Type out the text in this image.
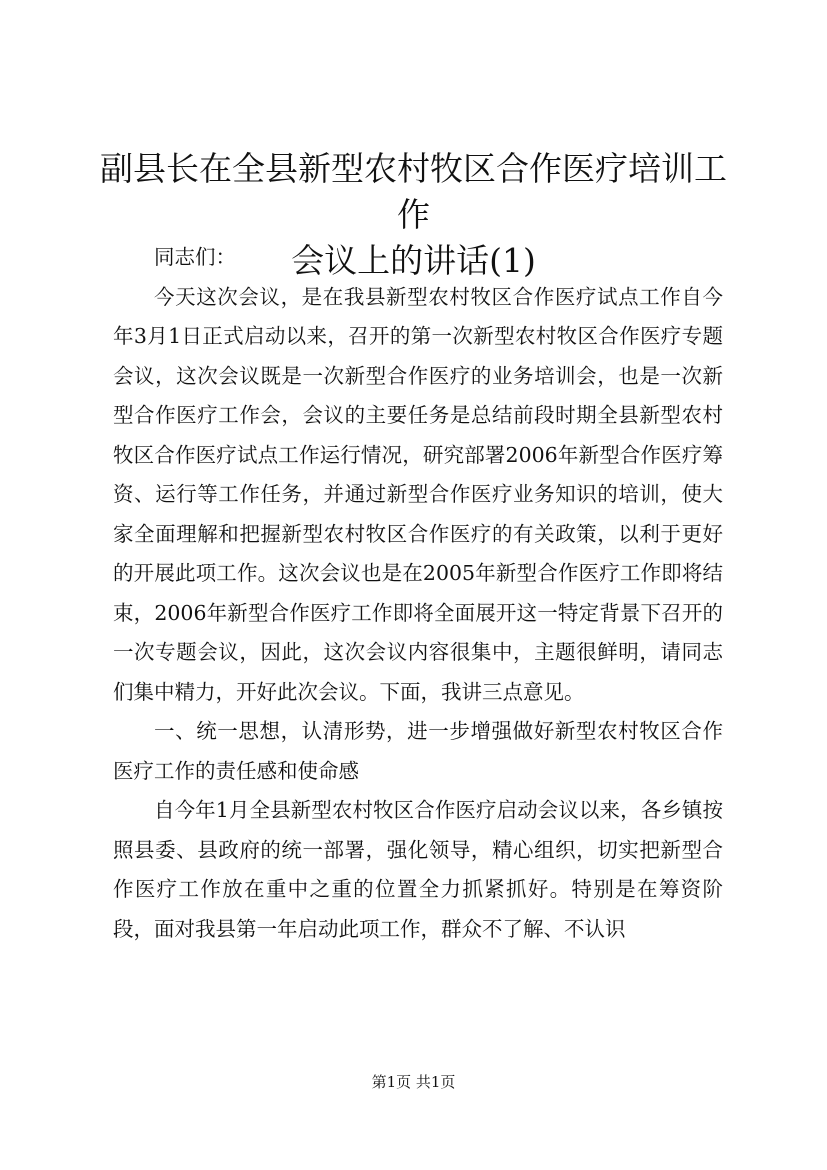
副县长在全县新型农村牧区合作医疗培训工作
会议上的讲话(1)

同志们：

今天这次会议，是在我县新型农村牧区合作医疗试点工作自今年3月1日正式启动以来，召开的第一次新型农村牧区合作医疗专题会议，这次会议既是一次新型合作医疗的业务培训会，也是一次新型合作医疗工作会，会议的主要任务是总结前段时期全县新型农村牧区合作医疗试点工作运行情况，研究部署2006年新型合作医疗筹资、运行等工作任务，并通过新型合作医疗业务知识的培训，使大家全面理解和把握新型农村牧区合作医疗的有关政策，以利于更好的开展此项工作。这次会议也是在2005年新型合作医疗工作即将结束，2006年新型合作医疗工作即将全面展开这一特定背景下召开的一次专题会议，因此，这次会议内容很集中，主题很鲜明，请同志们集中精力，开好此次会议。下面，我讲三点意见。

一、统一思想，认清形势，进一步增强做好新型农村牧区合作医疗工作的责任感和使命感

自今年1月全县新型农村牧区合作医疗启动会议以来，各乡镇按照县委、县政府的统一部署，强化领导，精心组织，切实把新型合作医疗工作放在重中之重的位置全力抓紧抓好。特别是在筹资阶段，面对我县第一年启动此项工作，群众不了解、不认识

第1页 共1页
